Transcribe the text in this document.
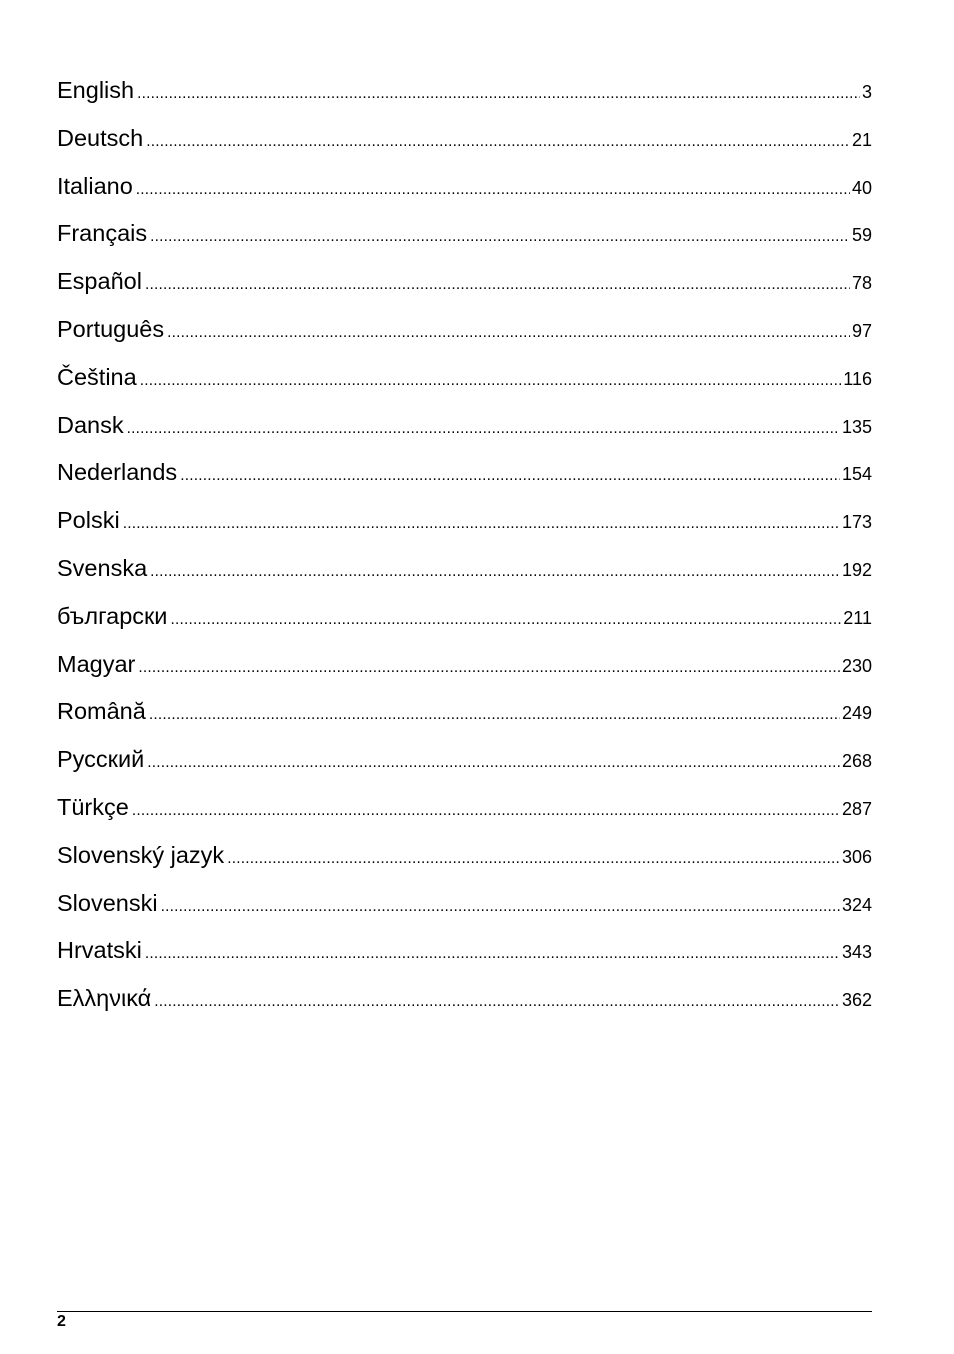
English .....	3
Deutsch .....	21
Italiano .....	40
Français .....	59
Español .....	78
Português .....	97
Čeština .....	116
Dansk .....	135
Nederlands .....	154
Polski .....	173
Svenska .....	192
български .....	211
Magyar .....	230
Română .....	249
Русский .....	268
Türkçe .....	287
Slovenský jazyk .....	306
Slovenski .....	324
Hrvatski .....	343
Ελληνικά .....	362
2
